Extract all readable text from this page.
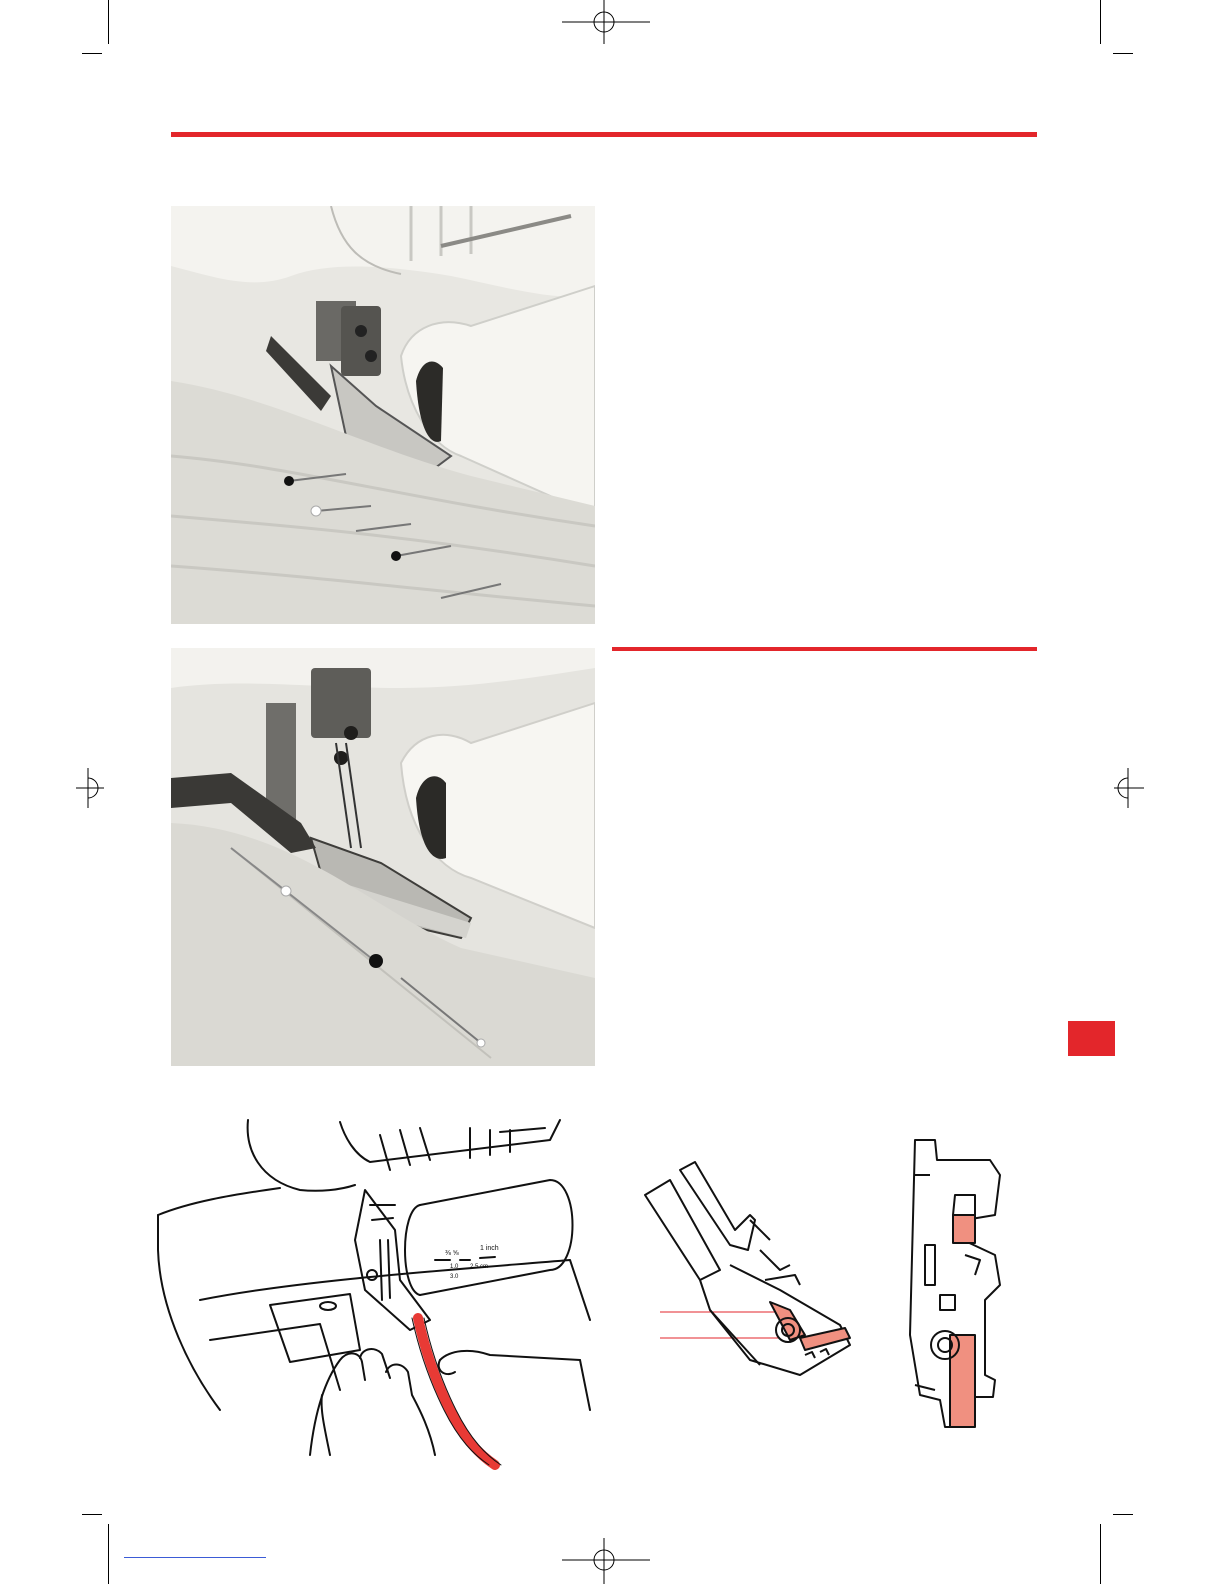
⅜ ⅝
1 inch
1.0 2.5 cm
3.0
